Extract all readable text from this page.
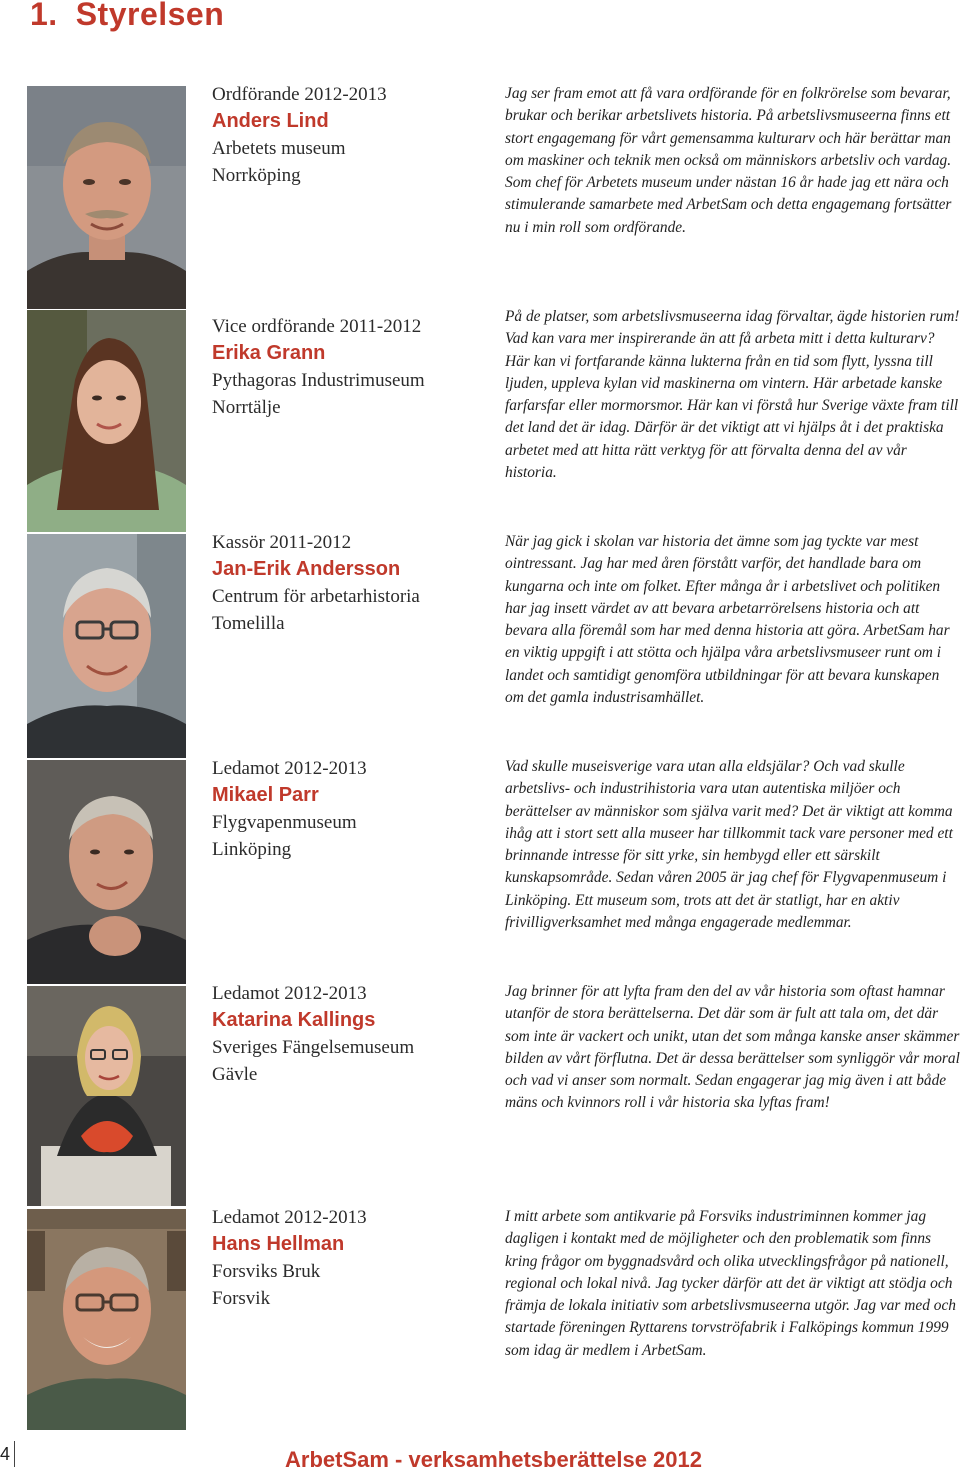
1. Styrelsen
Ordförande 2012-2013
Anders Lind
Arbetets museum
Norrköping
Jag ser fram emot att få vara ordförande för en folkrörelse som bevarar, brukar och berikar arbetslivets historia. På arbetslivsmuseerna finns ett stort engagemang för vårt gemensamma kulturarv och här berättar man om maskiner och teknik men också om människors arbetsliv och vardag. Som chef för Arbetets museum under nästan 16 år hade jag ett nära och stimulerande samarbete med ArbetSam och detta engagemang fortsätter nu i min roll som ordförande.
Vice ordförande 2011-2012
Erika Grann
Pythagoras Industrimuseum
Norrtälje
På de platser, som arbetslivsmuseerna idag förvaltar, ägde historien rum! Vad kan vara mer inspirerande än att få arbeta mitt i detta kulturarv? Här kan vi fortfarande känna lukterna från en tid som flytt, lyssna till ljuden, uppleva kylan vid maskinerna om vintern. Här arbetade kanske farfarsfar eller mormorsmor. Här kan vi förstå hur Sverige växte fram till det land det är idag. Därför är det viktigt att vi hjälps åt i det praktiska arbetet med att hitta rätt verktyg för att förvalta denna del av vår historia.
Kassör 2011-2012
Jan-Erik Andersson
Centrum för arbetarhistoria
Tomelilla
När jag gick i skolan var historia det ämne som jag tyckte var mest ointressant. Jag har med åren förstått varför, det handlade bara om kungarna och inte om folket. Efter många år i arbetslivet och politiken har jag insett värdet av att bevara arbetarrörelsens historia och att bevara alla föremål som har med denna historia att göra. ArbetSam har en viktig uppgift i att stötta och hjälpa våra arbetslivsmuseer runt om i landet och samtidigt genomföra utbildningar för att bevara kunskapen om det gamla industrisamhället.
Ledamot 2012-2013
Mikael Parr
Flygvapenmuseum
Linköping
Vad skulle museisverige vara utan alla eldsjälar? Och vad skulle arbetslivs- och industrihistoria vara utan autentiska miljöer och berättelser av människor som själva varit med? Det är viktigt att komma ihåg att i stort sett alla museer har tillkommit tack vare personer med ett brinnande intresse för sitt yrke, sin hembygd eller ett särskilt kunskapsområde. Sedan våren 2005 är jag chef för Flygvapenmuseum i Linköping. Ett museum som, trots att det är statligt, har en aktiv frivilligverksamhet med många engagerade medlemmar.
Ledamot 2012-2013
Katarina Kallings
Sveriges Fängelsemuseum
Gävle
Jag brinner för att lyfta fram den del av vår historia som oftast hamnar utanför de stora berättelserna. Det där som är fult att tala om, det där som inte är vackert och unikt, utan det som många kanske anser skämmer bilden av vårt förflutna. Det är dessa berättelser som synliggör vår moral och vad vi anser som normalt. Sedan engagerar jag mig även i att både mäns och kvinnors roll i vår historia ska lyftas fram!
Ledamot 2012-2013
Hans Hellman
Forsviks Bruk
Forsvik
I mitt arbete som antikvarie på Forsviks industriminnen kommer jag dagligen i kontakt med de möjligheter och den problematik som finns kring frågor om byggnadsvård och olika utvecklingsfrågor på nationell, regional och lokal nivå. Jag tycker därför att det är viktigt att stödja och främja de lokala initiativ som arbetslivsmuseerna utgör. Jag var med och startade föreningen Ryttarens torvströfabrik i Falköpings kommun 1999 som idag är medlem i ArbetSam.
4	ArbetSam - verksamhetsberättelse 2012
